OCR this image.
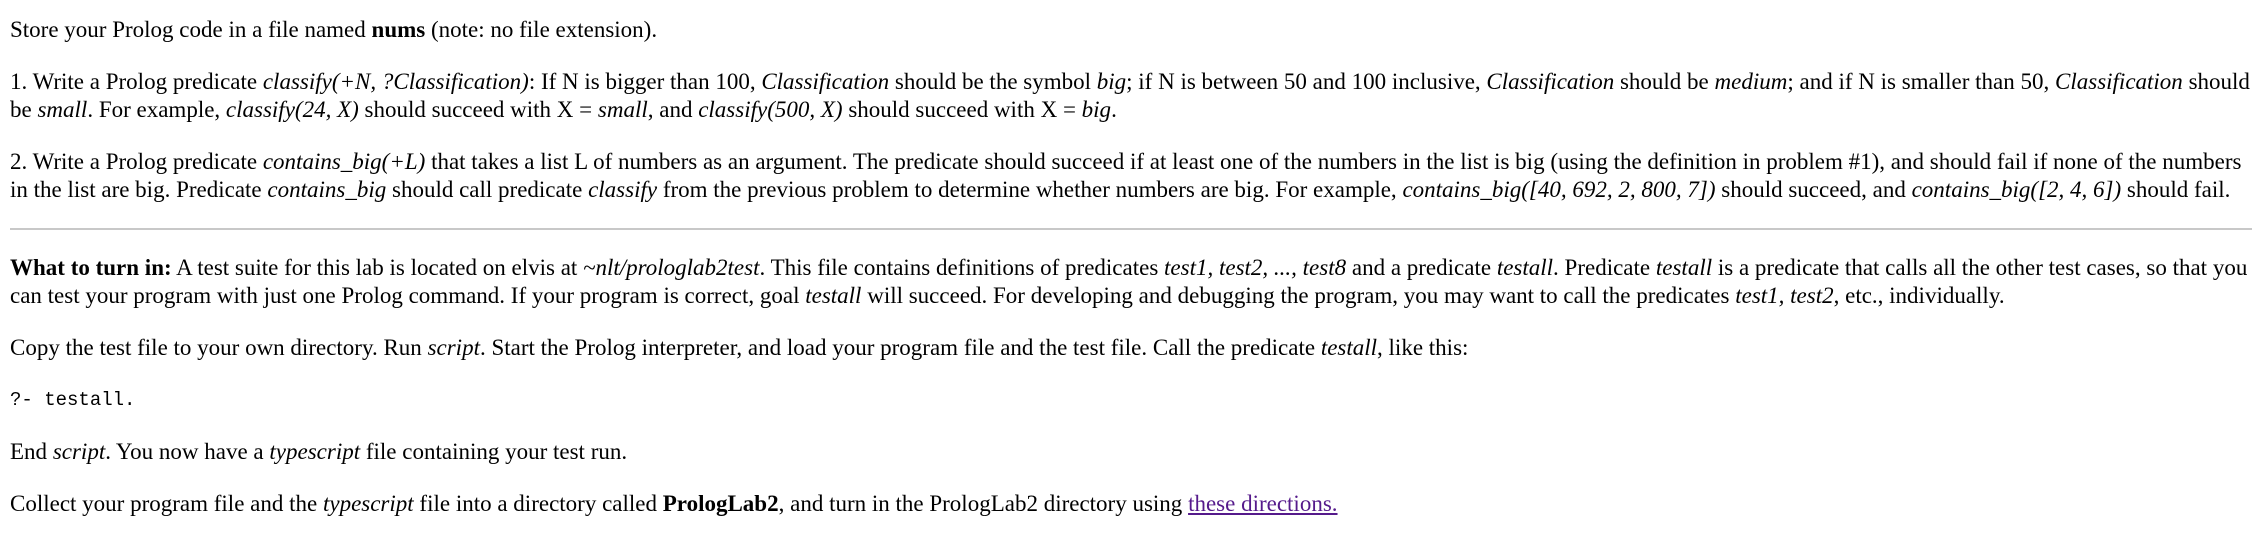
Store your Prolog code in a file named nums (note: no file extension).

1. Write a Prolog predicate classify(+N, ?Classification): If N is bigger than 100, Classification should be the symbol big; if N is between 50 and 100 inclusive, Classification should be medium; and if N is smaller than 50, Classification should be small. For example, classify(24, X) should succeed with X = small, and classify(500, X) should succeed with X = big.

2. Write a Prolog predicate contains_big(+L) that takes a list L of numbers as an argument. The predicate should succeed if at least one of the numbers in the list is big (using the definition in problem #1), and should fail if none of the numbers in the list are big. Predicate contains_big should call predicate classify from the previous problem to determine whether numbers are big. For example, contains_big([40, 692, 2, 800, 7]) should succeed, and contains_big([2, 4, 6]) should fail.

What to turn in: A test suite for this lab is located on elvis at ~nlt/prologlab2test. This file contains definitions of predicates test1, test2, ..., test8 and a predicate testall. Predicate testall is a predicate that calls all the other test cases, so that you can test your program with just one Prolog command. If your program is correct, goal testall will succeed. For developing and debugging the program, you may want to call the predicates test1, test2, etc., individually.

Copy the test file to your own directory. Run script. Start the Prolog interpreter, and load your program file and the test file. Call the predicate testall, like this:

?- testall.

End script. You now have a typescript file containing your test run.

Collect your program file and the typescript file into a directory called PrologLab2, and turn in the PrologLab2 directory using these directions.
